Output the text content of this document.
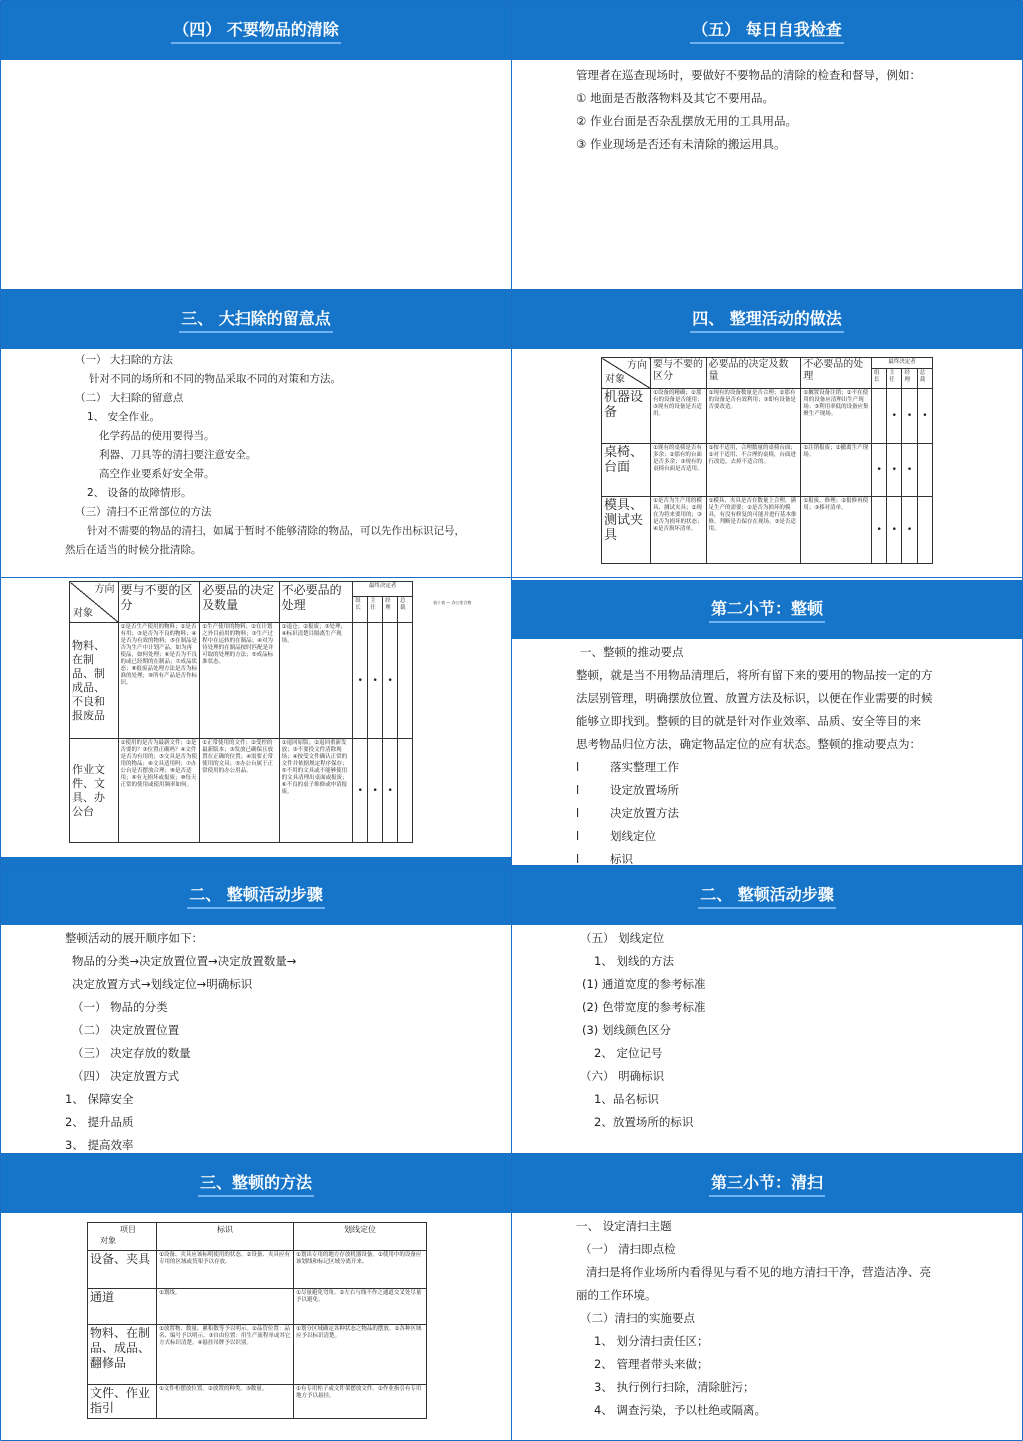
（四） 不要物品的清除	（五） 每日自我检查
管理者在巡查现场时，要做好不要物品的清除的检查和督导，例如：
① 地面是否散落物料及其它不要用品。
② 作业台面是否杂乱摆放无用的工具用品。
③ 作业现场是否还有未清除的搬运用具。
三、 大扫除的留意点
（一） 大扫除的方法
针对不同的场所和不同的物品采取不同的对策和方法。
（二） 大扫除的留意点
1、 安全作业。
化学药品的使用要得当。
利器、刀具等的清扫要注意安全。
高空作业要系好安全带。
2、 设备的故障情形。
（三）清扫不正常部位的方法
针对不需要的物品的清扫，如属于暂时不能够清除的物品，可以先作出标识记号，
然后在适当的时候分批清除。
四、 整理活动的做法
方向
对象	要与不要的区分	必要品的决定及数量	不必要品的处理	最终决定者			
				组长	主任	经理	总裁
机器设备	①设备的精确；②那有的设备是否能用；③现有的设备是否适用。	①现有的设备数量是否合理；②那有的设备是否有效利用；③即有设备是否要改造。	①搁置设备注销；②不在使用的设备应清理出生产现场；③利用率低的设备应集聚生产现场。		•	•	•
桌椅、台面	①现有的桌椅是否有多余；②那有的台面是否多余；③现有的桌椅台面是否适用。	①按不适用，合理数量的桌椅台面；②对于适用、不合理的桌椅，台面进行改造，去掉不适合的。	①注销报废；②撤离生产现场。	•	•	•	
模具、测试夹具	①是否为生产用的模具、测试夹具；②现在为将来要用的；③是否为损坏的状态；④是否损坏清单。	①模具、夹具是否在数量上合理，满足生产的需要；②是否为损坏的模具，有没有修复的可能并进行基本维修，判断是否保存在现场。③是否适用。	①报废、修理；②报修再使用；③移对清单。	•	•	•	
方向
对象	要与不要的区分	必要品的决定及数量	不必要品的处理	最终决定者			
				组长	主任	经理	总裁
物料、在制品、制成品、不良和报废品	①是否生产使用的物料；②是否有用；③是否为不良的物料；④是否为有效的物料；⑤在制品是否为生产中计划产品，如为再使品，如何处理；⑥是否为不良的或已经期的在制品；⑦成品状态；⑧报废品处理方法是否为标准的处理；⑨所有产品是否作标识。	①生产使用的物料；②在计划之外目前用的物料；③生产过程中在运转的在制品；④对为待处理的在制品按时匹配是并可取的处理的方法；⑤成品标准状态。	①退仓；②报废；③处理；④标识清楚目隔离生产现场。	•	•	•	
作业文件、文具、办公台	①使用的是否为最新文件；②是否要的？③位置正确吗？④文件是否为有用的；⑤文具是否为使用的物品；⑥文具适用吗；⑦办公台是否摆放合理；⑧是否适用；⑨有无损坏或报废；⑩每天正常的使用或使用频率如何。	①正常使用的文件；②受控的最新版本；③发放已确保且放置在正确的位置；④需要正常使用的文具；⑤办公台属于正常使用的办公用品。	①退回原版；②退回重新发放；③不要投文件清除现场；④按受文件确认正常的文件并依据规定程序保存；⑤不用的文具或不能够使用的文具清理出桌面或报废；⑥不良的桌子维修或申请报废。	•	•	•	
表十表 — 办公室合格	第二小节：整顿
一、整顿的推动要点
整顿，就是当不用物品清理后，将所有留下来的要用的物品按一定的方
法层别管理，明确摆放位置、放置方法及标识，以便在作业需要的时候
能够立即找到。整顿的目的就是针对作业效率、品质、安全等目的来
思考物品归位方法，确定物品定位的应有状态。整顿的推动要点为：
l	落实整理工作
l	设定放置场所
l	决定放置方法
l	划线定位
l	标识
二、 整顿活动步骤
整顿活动的展开顺序如下：
物品的分类→决定放置位置→决定放置数量→
决定放置方式→划线定位→明确标识
（一） 物品的分类
（二） 决定放置位置
（三） 决定存放的数量
（四） 决定放置方式
1、 保障安全
2、 提升品质
3、 提高效率
二、 整顿活动步骤
（五） 划线定位
1、 划线的方法
(1) 通道宽度的参考标准
(2) 色带宽度的参考标准
(3) 划线颜色区分
2、 定位记号
（六） 明确标识
1、品名标识
2、放置场所的标识
三、整顿的方法
项目
对象	标识	划线定位
设备、夹具	①设备、夹具应该标明使用的状态。②设备、夹具应有专用的区域或货架予以存放。	①划出专用的地方存放机器设备。②使用中的设备应该划线和标记区域分离开来。
通道	①划线。	①尽量避免弯角。②左右与线不作之通道交叉处尽量予以避免。
物料、在制品、成品、翻修品	①放置物、数量、累积数等予以明示。②品管位置：品名、编号予以明示。③自由位置：用生产流程单或其它方式标识清楚。④悬挂吊牌予以识别。	①划分区域确定各种状态之物品的摆放。②各种区域应予以标识清楚。
文件、作业指引	①文件柜摆放位置。②放置的种类。③数量。	①有专用柜子或文件架摆放文件。②作业指引有专用地方予以悬挂。
第三小节：清扫
一、 设定清扫主题
（一） 清扫即点检
清扫是将作业场所内看得见与看不见的地方清扫干净，营造洁净、亮
丽的工作环境。
（二）清扫的实施要点
1、 划分清扫责任区；
2、 管理者带头来做；
3、 执行例行扫除，清除脏污；
4、 调查污染，予以杜绝或隔离。
